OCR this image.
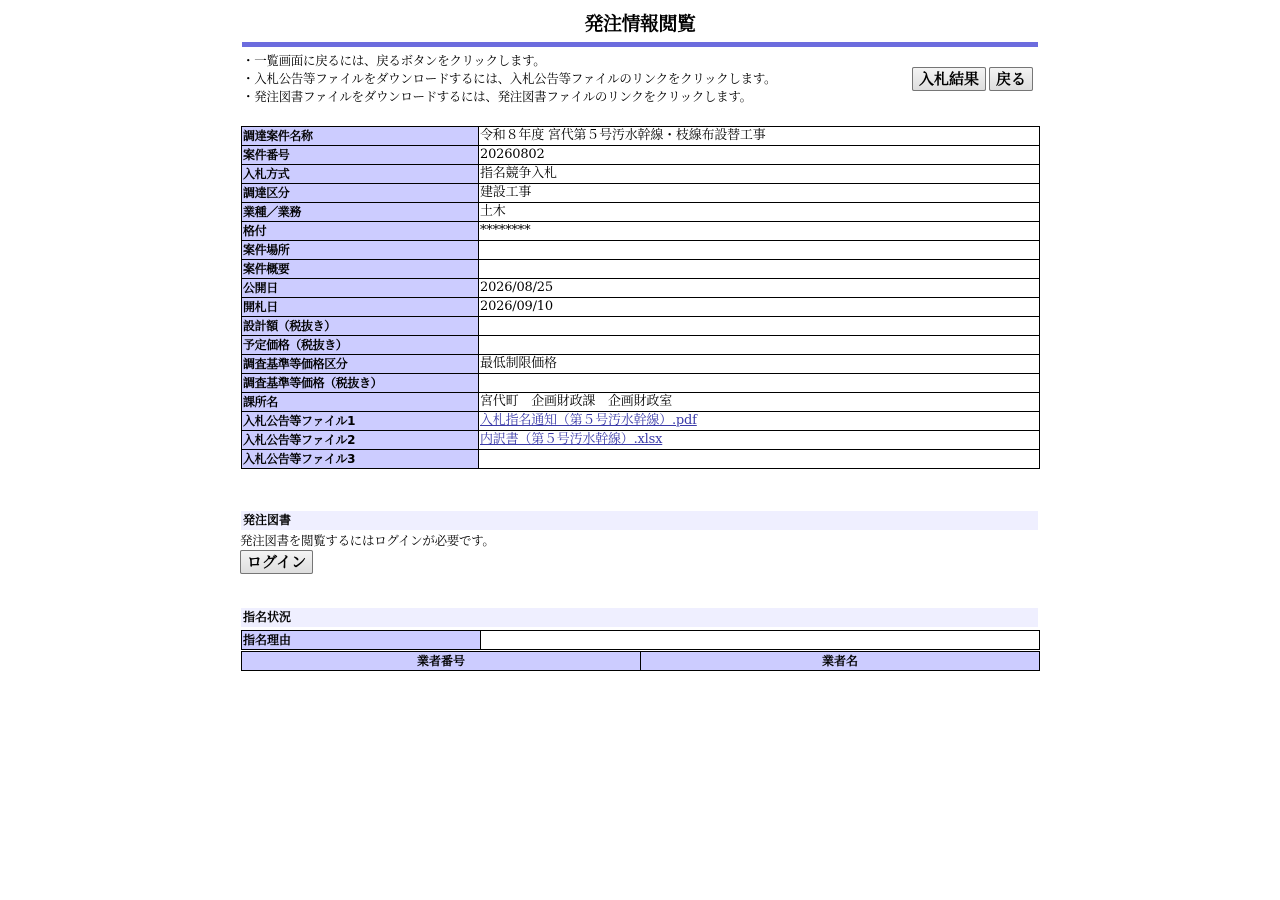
発注情報閲覧
・一覧画面に戻るには、戻るボタンをクリックします。
・入札公告等ファイルをダウンロードするには、入札公告等ファイルのリンクをクリックします。
・発注図書ファイルをダウンロードするには、発注図書ファイルのリンクをクリックします。
入札結果	戻る
調達案件名称	令和８年度 宮代第５号汚水幹線・枝線布設替工事
案件番号	20260802
入札方式	指名競争入札
調達区分	建設工事
業種／業務	土木
格付	********
案件場所	
案件概要	
公開日	2026/08/25
開札日	2026/09/10
設計額（税抜き）	
予定価格（税抜き）	
調査基準等価格区分	最低制限価格
調査基準等価格（税抜き）	
課所名	宮代町　企画財政課　企画財政室
入札公告等ファイル1	入札指名通知（第５号汚水幹線）.pdf
入札公告等ファイル2	内訳書（第５号汚水幹線）.xlsx
入札公告等ファイル3	
発注図書
発注図書を閲覧するにはログインが必要です。
ログイン
指名状況
指名理由	
業者番号	業者名
